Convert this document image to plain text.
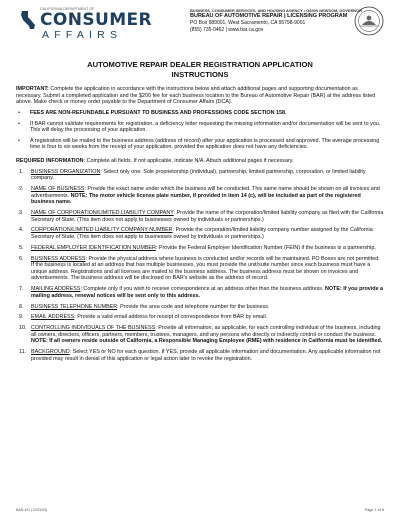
CALIFORNIA DEPARTMENT OF
CONSUMER
AFFAIRS
BUSINESS, CONSUMER SERVICES, AND HOUSING AGENCY • GAVIN NEWSOM, GOVERNOR
BUREAU OF AUTOMOTIVE REPAIR | LICENSING PROGRAM
PO Box 989001, West Sacramento, CA 95798-9001
(855) 735-0462 | www.bar.ca.gov
AUTOMOTIVE REPAIR DEALER REGISTRATION APPLICATION
INSTRUCTIONS

IMPORTANT: Complete the application in accordance with the instructions below and attach additional pages and supporting documentation as necessary. Submit a completed application and the $200 fee for each business location to the Bureau of Automotive Repair (BAR) at the address listed above. Make check or money order payable to the Department of Consumer Affairs (DCA).

•	FEES ARE NON-REFUNDABLE PURSUANT TO BUSINESS AND PROFESSIONS CODE SECTION 158.

•	If BAR cannot validate requirements for registration, a deficiency letter requesting the missing information and/or documentation will be sent to you. This will delay the processing of your application.

•	A registration will be mailed to the business address (address of record) after your application is processed and approved. The average processing time is four to six weeks from the receipt of your application, provided the application does not have any deficiencies.

REQUIRED INFORMATION: Complete all fields. If not applicable, indicate N/A. Attach additional pages if necessary.

1.	BUSINESS ORGANIZATION: Select only one: Sole proprietorship (individual), partnership, limited partnership, corporation, or limited liability company.

2.	NAME OF BUSINESS: Provide the exact name under which the business will be conducted. This same name should be shown on all invoices and advertisements. NOTE: The motor vehicle license plate number, if provided in item 14 (c), will be included as part of the registered business name.

3.	NAME OF CORPORATION/LIMITED LIABILITY COMPANY: Provide the name of the corporation/limited liability company as filed with the California Secretary of State. (This item does not apply to businesses owned by individuals or partnerships.)

4.	CORPORATION/LIMITED LIABILITY COMPANY NUMBER: Provide the corporation/limited liability company number assigned by the California Secretary of State. (This item does not apply to businesses owned by individuals or partnerships.)

5.	FEDERAL EMPLOYER IDENTIFICATION NUMBER: Provide the Federal Employer Identification Number (FEIN) if the business is a partnership.

6.	BUSINESS ADDRESS: Provide the physical address where business is conducted and/or records will be maintained. PO Boxes are not permitted. If the business is located at an address that has multiple businesses, you must provide the unit/suite number since each business must have a unique address. Registrations and all licenses are mailed to the business address. The business address must be shown on invoices and advertisements. The business address will be disclosed on BAR's website as the address of record.

7.	MAILING ADDRESS: Complete only if you wish to receive correspondence at an address other than the business address. NOTE: If you provide a mailing address, renewal notices will be sent only to this address.

8.	BUSINESS TELEPHONE NUMBER: Provide the area code and telephone number for the business.

9.	EMAIL ADDRESS: Provide a valid email address for receipt of correspondence from BAR by email.

10. CONTROLLING INDIVIDUALS OF THE BUSINESS: Provide all information, as applicable, for each controlling individual of the business, including all owners, directors, officers, partners, members, trustees, managers, and any persons who directly or indirectly control or conduct the business. NOTE: If all owners reside outside of California, a Responsible Managing Employee (RME) with residence in California must be identified.

11. BACKGROUND: Select YES or NO for each question. If YES, provide all applicable information and documentation. Any applicable information not provided may result in denial of this application or legal action later to revoke the registration.

BAR-101 (12/03/20)	Page 1 of 8
